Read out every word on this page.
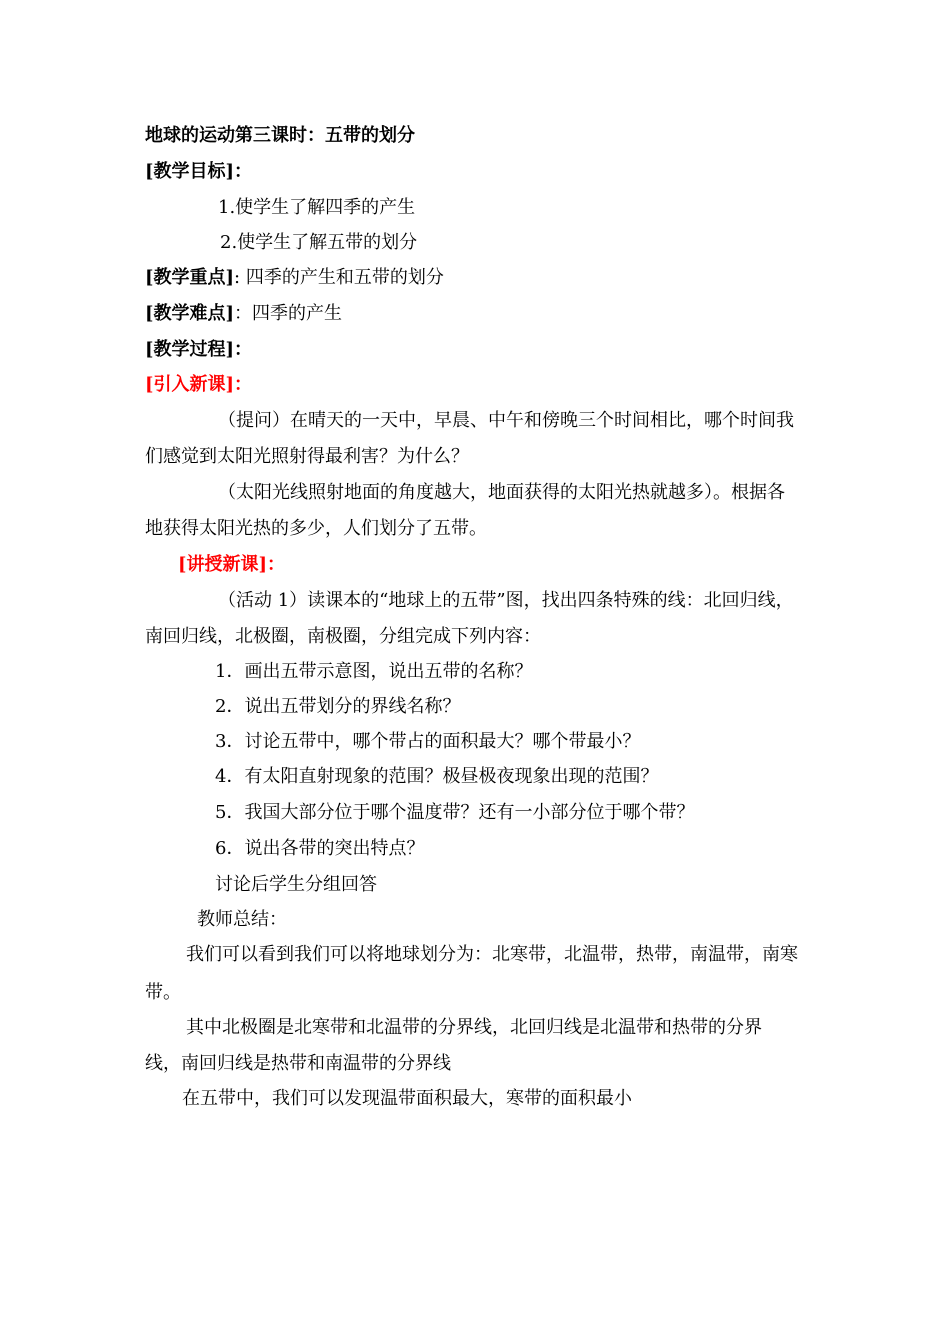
地球的运动第三课时：五带的划分
[教学目标]：
1.使学生了解四季的产生
2.使学生了解五带的划分
[教学重点]: 四季的产生和五带的划分
[教学难点]：四季的产生
[教学过程]：
[引入新课]：
（提问）在晴天的一天中，早晨、中午和傍晚三个时间相比，哪个时间我
们感觉到太阳光照射得最利害？为什么？
（太阳光线照射地面的角度越大，地面获得的太阳光热就越多）。根据各
地获得太阳光热的多少，人们划分了五带。
[讲授新课]：
（活动 1）读课本的“地球上的五带”图，找出四条特殊的线：北回归线，
南回归线，北极圈，南极圈，分组完成下列内容：
1．画出五带示意图，说出五带的名称？
2．说出五带划分的界线名称？
3．讨论五带中，哪个带占的面积最大？哪个带最小？
4．有太阳直射现象的范围？极昼极夜现象出现的范围？
5．我国大部分位于哪个温度带？还有一小部分位于哪个带？
6．说出各带的突出特点？
讨论后学生分组回答
教师总结：
我们可以看到我们可以将地球划分为：北寒带，北温带，热带，南温带，南寒
带。
其中北极圈是北寒带和北温带的分界线，北回归线是北温带和热带的分界
线，南回归线是热带和南温带的分界线
在五带中，我们可以发现温带面积最大，寒带的面积最小
